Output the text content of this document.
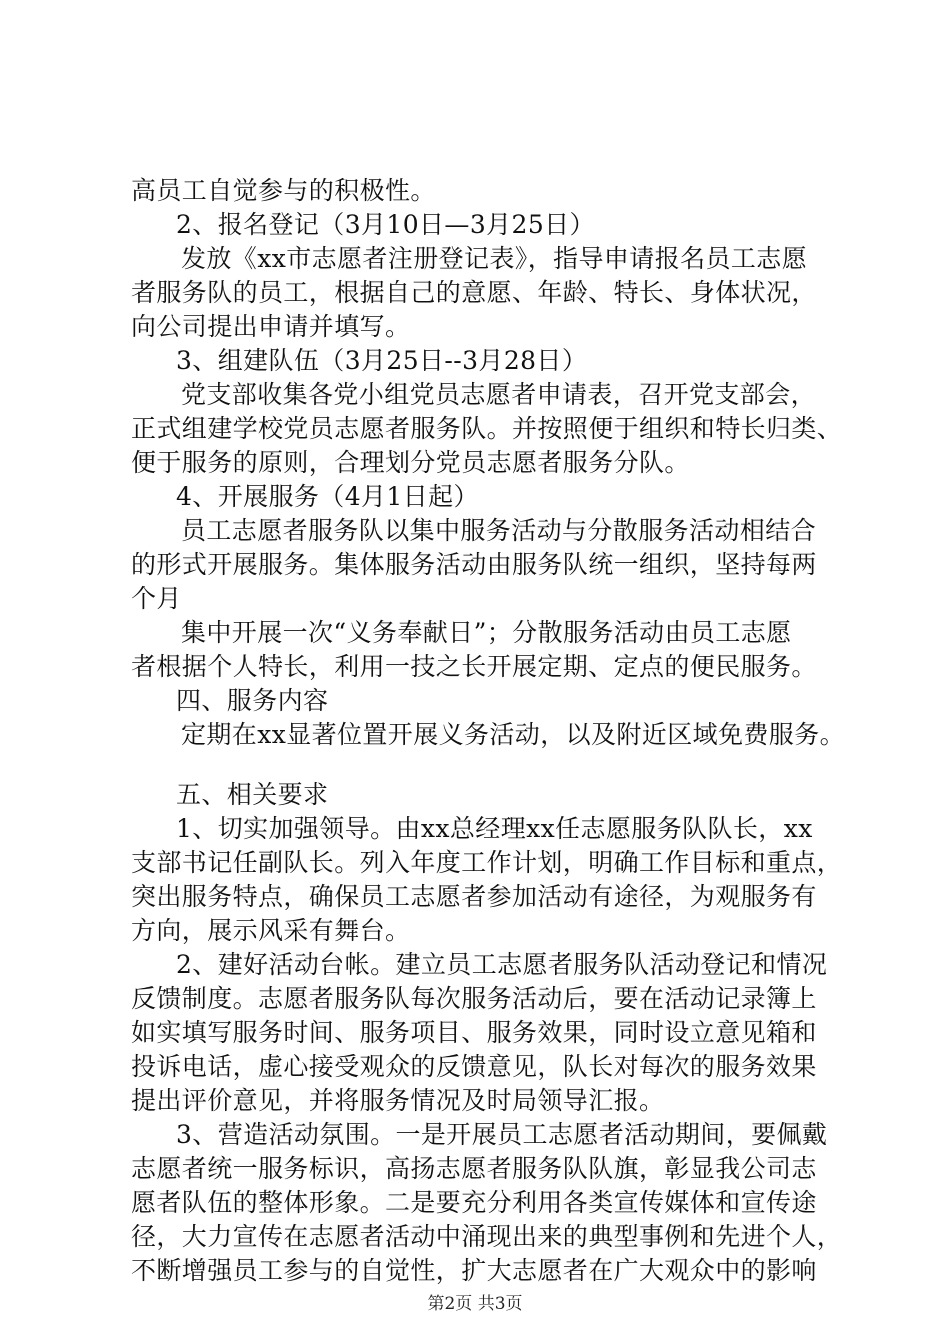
高员工自觉参与的积极性。
2、报名登记（3月10日—3月25日）
发放《xx市志愿者注册登记表》，指导申请报名员工志愿
者服务队的员工，根据自己的意愿、年龄、特长、身体状况，
向公司提出申请并填写。
3、组建队伍（3月25日--3月28日）
党支部收集各党小组党员志愿者申请表，召开党支部会，
正式组建学校党员志愿者服务队。并按照便于组织和特长归类、
便于服务的原则，合理划分党员志愿者服务分队。
4、开展服务（4月1日起）
员工志愿者服务队以集中服务活动与分散服务活动相结合
的形式开展服务。集体服务活动由服务队统一组织，坚持每两
个月
集中开展一次“义务奉献日”；分散服务活动由员工志愿
者根据个人特长，利用一技之长开展定期、定点的便民服务。
四、服务内容
定期在xx显著位置开展义务活动，以及附近区域免费服务。
五、相关要求
1、切实加强领导。由xx总经理xx任志愿服务队队长，xx
支部书记任副队长。列入年度工作计划，明确工作目标和重点，
突出服务特点，确保员工志愿者参加活动有途径，为观服务有
方向，展示风采有舞台。
2、建好活动台帐。建立员工志愿者服务队活动登记和情况
反馈制度。志愿者服务队每次服务活动后，要在活动记录簿上
如实填写服务时间、服务项目、服务效果，同时设立意见箱和
投诉电话，虚心接受观众的反馈意见，队长对每次的服务效果
提出评价意见，并将服务情况及时局领导汇报。
3、营造活动氛围。一是开展员工志愿者活动期间，要佩戴
志愿者统一服务标识，高扬志愿者服务队队旗，彰显我公司志
愿者队伍的整体形象。二是要充分利用各类宣传媒体和宣传途
径，大力宣传在志愿者活动中涌现出来的典型事例和先进个人，
不断增强员工参与的自觉性，扩大志愿者在广大观众中的影响
第2页 共3页
